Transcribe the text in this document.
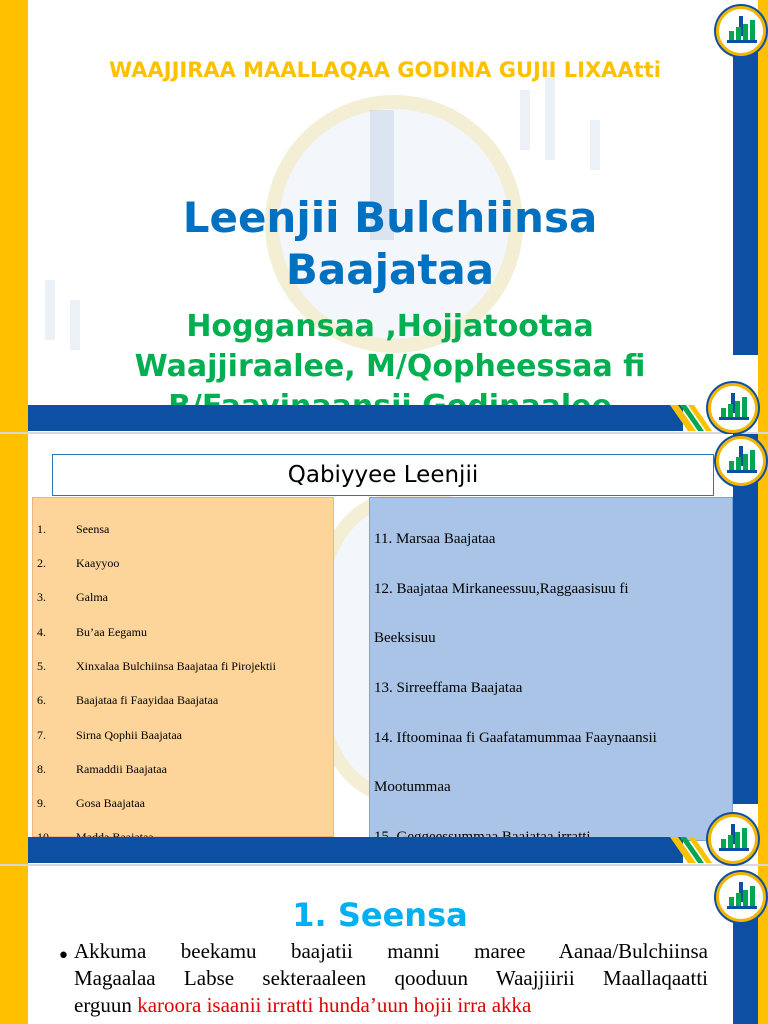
WAAJJIRAA MAALLAQAA GODINA GUJII LIXAAtti
Leenjii Bulchiinsa Baajataa
Hoggansaa ,Hojjatootaa Waajjiraalee, M/Qopheessaa fi
Qabiyyee Leenjii
1.	Seensa
2.	Kaayyoo
3.	Galma
4.	Bu’aa Eegamu
5.	Xinxalaa Bulchiinsa Baajataa fi Pirojektii
6.	Baajataa fi Faayidaa Baajataa
7.	Sirna Qophii Baajataa
8.	Ramaddii Baajataa
9.	Gosa Baajataa
11. Marsaa Baajataa
12. Baajataa Mirkaneessuu,Raggaasisuu fi
Beeksisuu
13. Sirreeffama Baajataa
14. Iftoominaa fi Gaafatamummaa Faaynaansii
Mootummaa
1. Seensa
• Akkuma beekamu baajatii manni maree Aanaa/Bulchiinsa
Magaalaa Labse sekteraaleen qooduun Waajjiirii Maallaqaatti
erguun karoora isaanii irratti hunda’uun hojii irra akka
